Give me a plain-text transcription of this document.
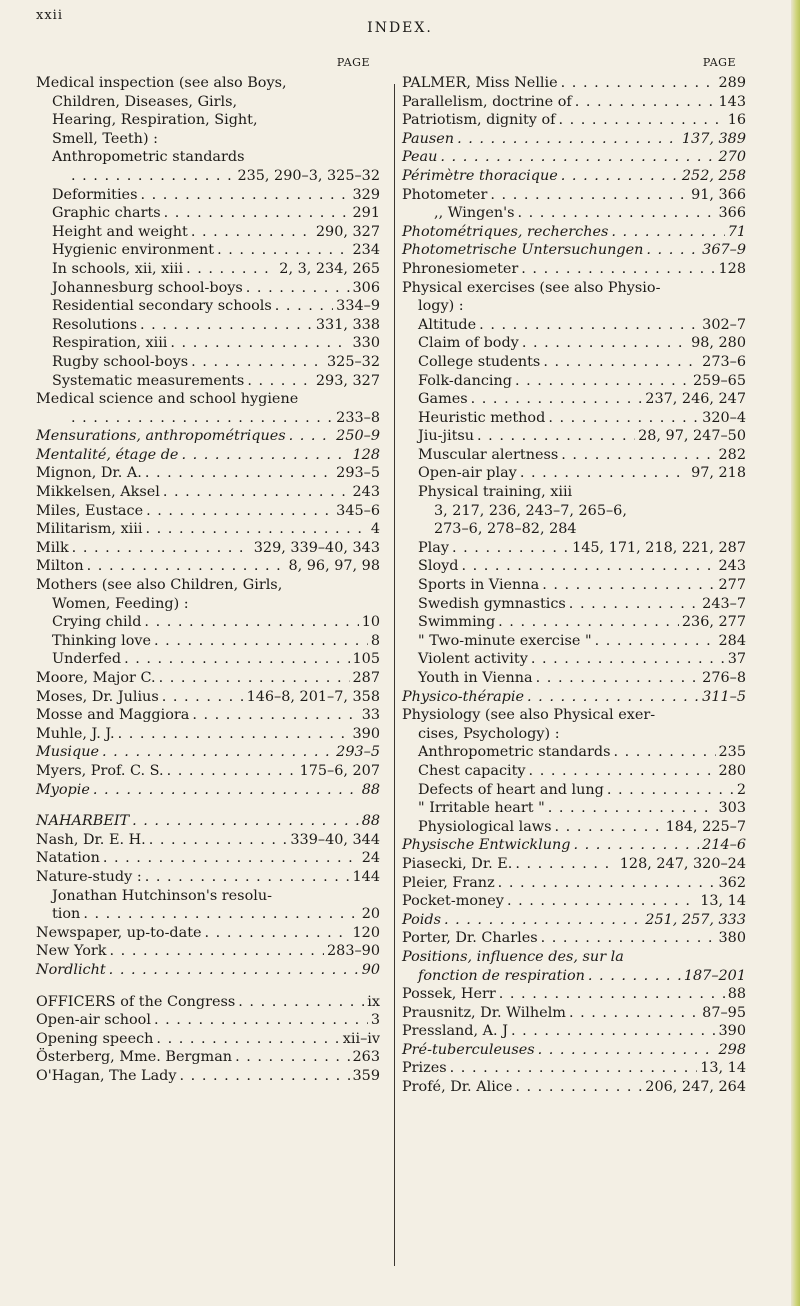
xxii
INDEX.
PAGE
Medical inspection (see also Boys,
Children, Diseases, Girls,
Hearing, Respiration, Sight,
Smell, Teeth) :
Anthropometric standards
. . .
235, 290–3, 325–32
Deformities . . .	329
Graphic charts . . .	291
Height and weight . . .	290, 327
Hygienic environment . . .	234
In schools, xii, xiii . . .	2, 3, 234, 265
Johannesburg school-boys . . .	306
Residential secondary schools . . .	334–9
Resolutions . . .	331, 338
Respiration, xiii . . .	330
Rugby school-boys . . .	325–32
Systematic measurements . . .	293, 327
Medical science and school hygiene
. . .
233–8
Mensurations, anthropométriques . . .	250–9
Mentalité, étage de . . .	128
Mignon, Dr. A. . . .	293–5
Mikkelsen, Aksel . . .	243
Miles, Eustace . . .	345–6
Militarism, xiii . . .	4
Milk . . .	329, 339–40, 343
Milton . . .	8, 96, 97, 98
Mothers (see also Children, Girls,
Women, Feeding) :
Crying child . . .	10
Thinking love . . .	8
Underfed . . .	105
Moore, Major C. . . .	287
Moses, Dr. Julius . . .	146–8, 201–7, 358
Mosse and Maggiora . . .	33
Muhle, J. J. . . .	390
Musique . . .	293–5
Myers, Prof. C. S. . . .	175–6, 207
Myopie . . .	88
NAHARBEIT . . .	88
Nash, Dr. E. H. . . .	339–40, 344
Natation . . .	24
Nature-study : . . .	144
Jonathan Hutchinson's resolu-
tion . . .	20
Newspaper, up-to-date . . .	120
New York . . .	283–90
Nordlicht . . .	90
OFFICERS of the Congress . . .	ix
Open-air school . . .	3
Opening speech . . .	xii–iv
Österberg, Mme. Bergman . . .	263
O'Hagan, The Lady . . .	359
PAGE
PALMER, Miss Nellie . . .	289
Parallelism, doctrine of . . .	143
Patriotism, dignity of . . .	16
Pausen . . .	137, 389
Peau . . .	270
Périmètre thoracique . . .	252, 258
Photometer . . .	91, 366
,, Wingen's . . .	366
Photométriques, recherches . . .	71
Photometrische Untersuchungen . . .	367–9
Phronesiometer . . .	128
Physical exercises (see also Physio-
logy) :
Altitude . . .	302–7
Claim of body . . .	98, 280
College students . . .	273–6
Folk-dancing . . .	259–65
Games . . .	237, 246, 247
Heuristic method . . .	320–4
Jiu-jitsu . . .	28, 97, 247–50
Muscular alertness . . .	282
Open-air play . . .	97, 218
Physical training, xiii
3, 217, 236, 243–7, 265–6,
273–6, 278–82, 284
Play . . .	145, 171, 218, 221, 287
Sloyd . . .	243
Sports in Vienna . . .	277
Swedish gymnastics . . .	243–7
Swimming . . .	236, 277
" Two-minute exercise " . . .	284
Violent activity . . .	37
Youth in Vienna . . .	276–8
Physico-thérapie . . .	311–5
Physiology (see also Physical exer-
cises, Psychology) :
Anthropometric standards . . .	235
Chest capacity . . .	280
Defects of heart and lung . . .	2
" Irritable heart " . . .	303
Physiological laws . . .	184, 225–7
Physische Entwicklung . . .	214–6
Piasecki, Dr. E. . . .	128, 247, 320–24
Pleier, Franz . . .	362
Pocket-money . . .	13, 14
Poids . . .	251, 257, 333
Porter, Dr. Charles . . .	380
Positions, influence des, sur la
fonction de respiration . . .	187–201
Possek, Herr . . .	88
Prausnitz, Dr. Wilhelm . . .	87–95
Pressland, A. J . . .	390
Pré-tuberculeuses . . .	298
Prizes . . .	13, 14
Profé, Dr. Alice . . .	206, 247, 264
